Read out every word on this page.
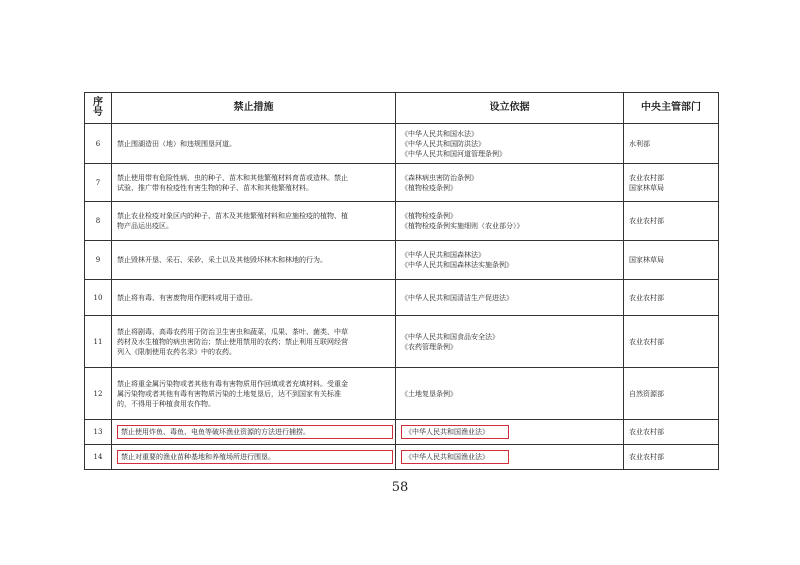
序号	禁止措施	设立依据	中央主管部门
6	禁止围湖造田（地）和违规围垦河道。	《中华人民共和国水法》
《中华人民共和国防洪法》
《中华人民共和国河道管理条例》	水利部

7	禁止使用带有危险性病、虫的种子、苗木和其他繁殖材料育苗或造林。禁止
试验、推广带有检疫性有害生物的种子、苗木和其他繁殖材料。	《森林病虫害防治条例》
《植物检疫条例》	农业农村部
国家林草局

8	禁止农业检疫对象区内的种子、苗木及其他繁殖材料和应施检疫的植物、植
物产品运出疫区。	《植物检疫条例》
《植物检疫条例实施细则（农业部分）》	农业农村部

9	禁止毁林开垦、采石、采砂、采土以及其他毁坏林木和林地的行为。	《中华人民共和国森林法》
《中华人民共和国森林法实施条例》	国家林草局

10	禁止将有毒、有害废物用作肥料或用于造田。	《中华人民共和国清洁生产促进法》	农业农村部

11	禁止将剧毒、高毒农药用于防治卫生害虫和蔬菜、瓜果、茶叶、菌类、中草
药材及水生植物的病虫害防治；禁止使用禁用的农药；禁止利用互联网经营
列入《限制使用农药名录》中的农药。	《中华人民共和国食品安全法》
《农药管理条例》	农业农村部

12	禁止将重金属污染物或者其他有毒有害物质用作回填或者充填材料。受重金
属污染物或者其他有毒有害物质污染的土地复垦后，达不到国家有关标准
的，不得用于种植食用农作物。	《土地复垦条例》	自然资源部

13	禁止使用炸鱼、毒鱼、电鱼等破坏渔业资源的方法进行捕捞。	《中华人民共和国渔业法》	农业农村部

14	禁止对重要的渔业苗种基地和养殖场所进行围垦。	《中华人民共和国渔业法》	农业农村部
58
